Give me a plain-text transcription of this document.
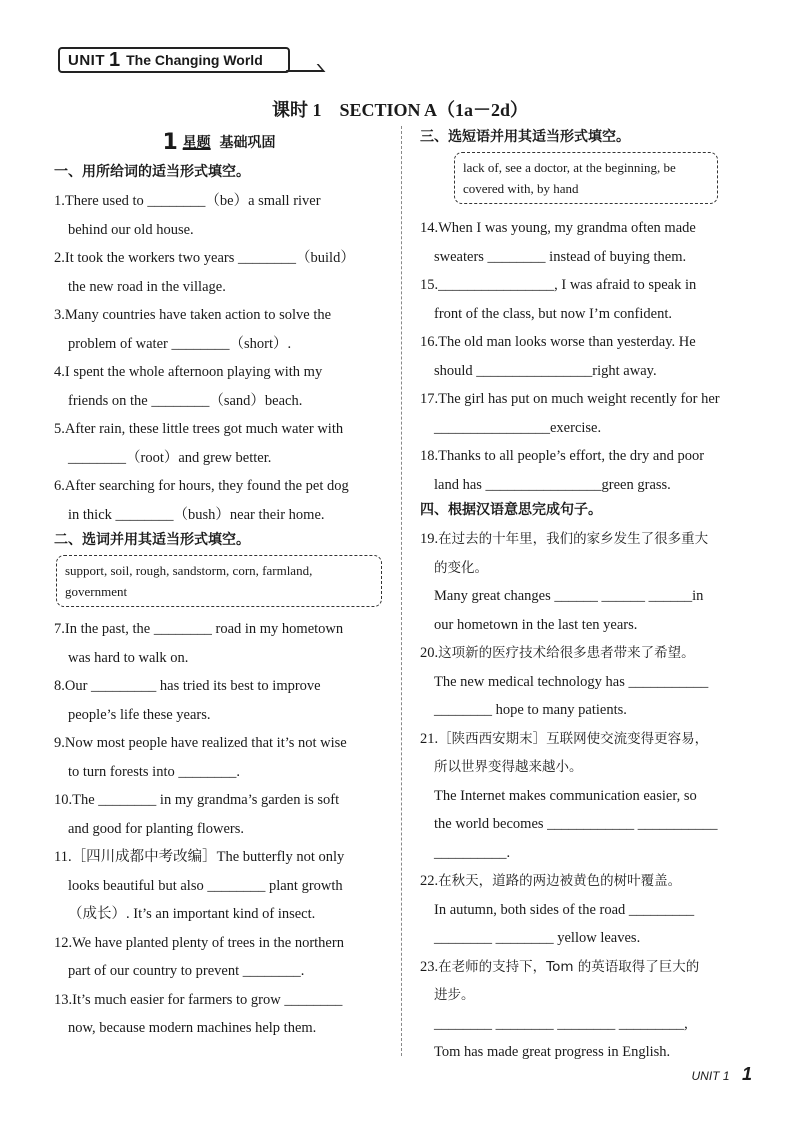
UNIT 1 The Changing World
课时 1　SECTION A（1a－2d）
1 星题 基础巩固
一、用所给词的适当形式填空。
1.There used to ________（be）a small river
behind our old house.
2.It took the workers two years ________（build）
the new road in the village.
3.Many countries have taken action to solve the
problem of water ________（short）.
4.I spent the whole afternoon playing with my
friends on the ________（sand）beach.
5.After rain, these little trees got much water with
________（root）and grew better.
6.After searching for hours, they found the pet dog
in thick ________（bush）near their home.
二、选词并用其适当形式填空。
support, soil, rough, sandstorm, corn, farmland, government
7.In the past, the ________ road in my hometown
was hard to walk on.
8.Our _________ has tried its best to improve
people’s life these years.
9.Now most people have realized that it’s not wise
to turn forests into ________.
10.The ________ in my grandma’s garden is soft
and good for planting flowers.
11.［四川成都中考改编］The butterfly not only
looks beautiful but also ________ plant growth
（成长）. It’s an important kind of insect.
12.We have planted plenty of trees in the northern
part of our country to prevent ________.
13.It’s much easier for farmers to grow ________
now, because modern machines help them.
三、选短语并用其适当形式填空。
lack of, see a doctor, at the beginning, be covered with, by hand
14.When I was young, my grandma often made
sweaters ________ instead of buying them.
15.________________, I was afraid to speak in
front of the class, but now I’m confident.
16.The old man looks worse than yesterday. He
should ________________right away.
17.The girl has put on much weight recently for her
________________exercise.
18.Thanks to all people’s effort, the dry and poor
land has ________________green grass.
四、根据汉语意思完成句子。
19.在过去的十年里，我们的家乡发生了很多重大
的变化。
Many great changes ______ ______ ______in
our hometown in the last ten years.
20.这项新的医疗技术给很多患者带来了希望。
The new medical technology has ___________
________ hope to many patients.
21.［陕西西安期末］互联网使交流变得更容易，
所以世界变得越来越小。
The Internet makes communication easier, so
the world becomes ____________ ___________
__________.
22.在秋天，道路的两边被黄色的树叶覆盖。
In autumn, both sides of the road _________
________ ________ yellow leaves.
23.在老师的支持下，Tom 的英语取得了巨大的
进步。
________ ________ ________ _________,
Tom has made great progress in English.
UNIT 1 1
